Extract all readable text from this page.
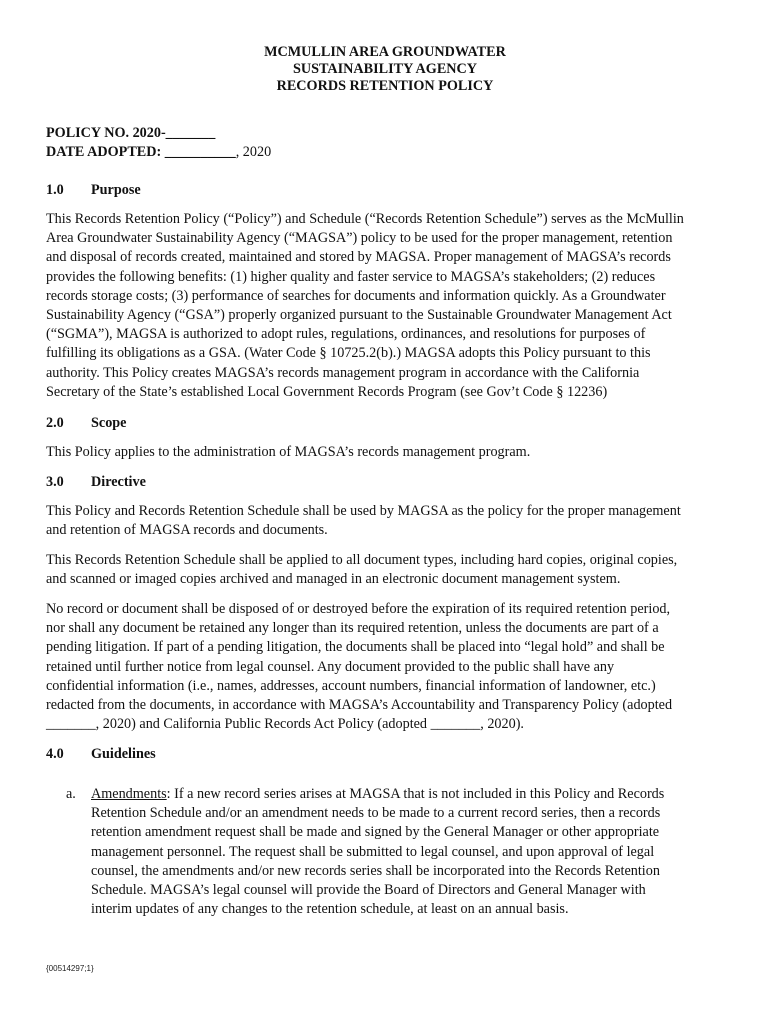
MCMULLIN AREA GROUNDWATER
SUSTAINABILITY AGENCY
RECORDS RETENTION POLICY
POLICY NO. 2020-_______
DATE ADOPTED: __________, 2020
1.0 Purpose
This Records Retention Policy (“Policy”) and Schedule (“Records Retention Schedule”) serves as the McMullin
Area Groundwater Sustainability Agency (“MAGSA”) policy to be used for the proper management, retention
and disposal of records created, maintained and stored by MAGSA. Proper management of MAGSA’s records
provides the following benefits: (1) higher quality and faster service to MAGSA’s stakeholders; (2) reduces
records storage costs; (3) performance of searches for documents and information quickly. As a Groundwater
Sustainability Agency (“GSA”) properly organized pursuant to the Sustainable Groundwater Management Act
(“SGMA”), MAGSA is authorized to adopt rules, regulations, ordinances, and resolutions for purposes of
fulfilling its obligations as a GSA. (Water Code § 10725.2(b).) MAGSA adopts this Policy pursuant to this
authority. This Policy creates MAGSA’s records management program in accordance with the California
Secretary of the State’s established Local Government Records Program (see Gov’t Code § 12236)
2.0 Scope
This Policy applies to the administration of MAGSA’s records management program.
3.0 Directive
This Policy and Records Retention Schedule shall be used by MAGSA as the policy for the proper management
and retention of MAGSA records and documents.
This Records Retention Schedule shall be applied to all document types, including hard copies, original copies,
and scanned or imaged copies archived and managed in an electronic document management system.
No record or document shall be disposed of or destroyed before the expiration of its required retention period,
nor shall any document be retained any longer than its required retention, unless the documents are part of a
pending litigation. If part of a pending litigation, the documents shall be placed into “legal hold” and shall be
retained until further notice from legal counsel. Any document provided to the public shall have any
confidential information (i.e., names, addresses, account numbers, financial information of landowner, etc.)
redacted from the documents, in accordance with MAGSA’s Accountability and Transparency Policy (adopted
_______, 2020) and California Public Records Act Policy (adopted _______, 2020).
4.0 Guidelines
a. Amendments: If a new record series arises at MAGSA that is not included in this Policy and Records
Retention Schedule and/or an amendment needs to be made to a current record series, then a records
retention amendment request shall be made and signed by the General Manager or other appropriate
management personnel. The request shall be submitted to legal counsel, and upon approval of legal
counsel, the amendments and/or new records series shall be incorporated into the Records Retention
Schedule. MAGSA’s legal counsel will provide the Board of Directors and General Manager with
interim updates of any changes to the retention schedule, at least on an annual basis.
{00514297;1}
